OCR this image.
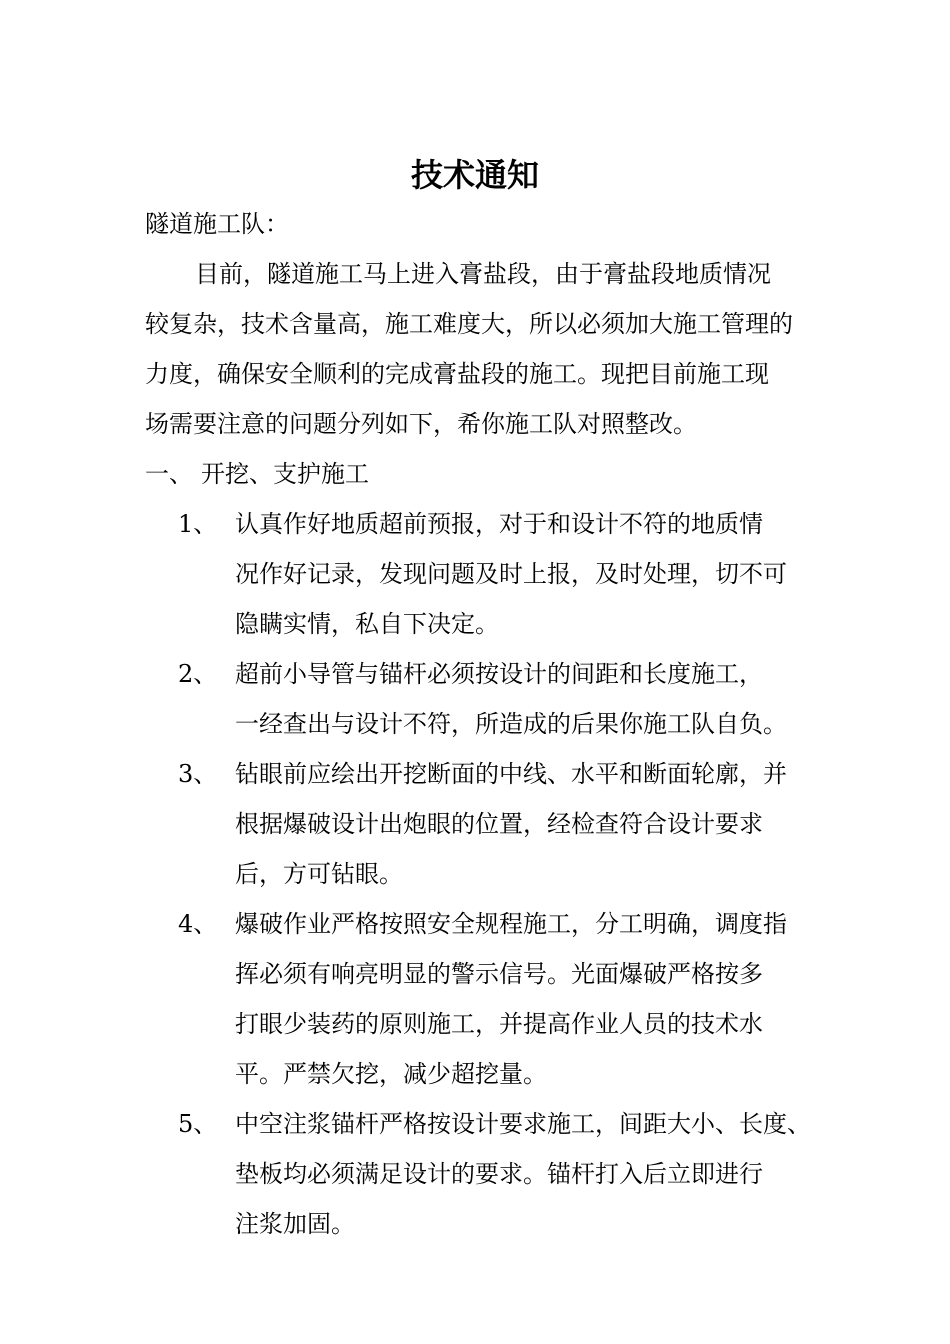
技术通知
隧道施工队：
目前，隧道施工马上进入膏盐段，由于膏盐段地质情况
较复杂，技术含量高，施工难度大，所以必须加大施工管理的
力度，确保安全顺利的完成膏盐段的施工。现把目前施工现
场需要注意的问题分列如下，希你施工队对照整改。
一、 开挖、支护施工
1、 认真作好地质超前预报，对于和设计不符的地质情
况作好记录，发现问题及时上报，及时处理，切不可
隐瞒实情，私自下决定。
2、 超前小导管与锚杆必须按设计的间距和长度施工，
一经查出与设计不符，所造成的后果你施工队自负。
3、 钻眼前应绘出开挖断面的中线、水平和断面轮廓，并
根据爆破设计出炮眼的位置，经检查符合设计要求
后，方可钻眼。
4、 爆破作业严格按照安全规程施工，分工明确，调度指
挥必须有响亮明显的警示信号。光面爆破严格按多
打眼少装药的原则施工，并提高作业人员的技术水
平。严禁欠挖，减少超挖量。
5、 中空注浆锚杆严格按设计要求施工，间距大小、长度、
垫板均必须满足设计的要求。锚杆打入后立即进行
注浆加固。
